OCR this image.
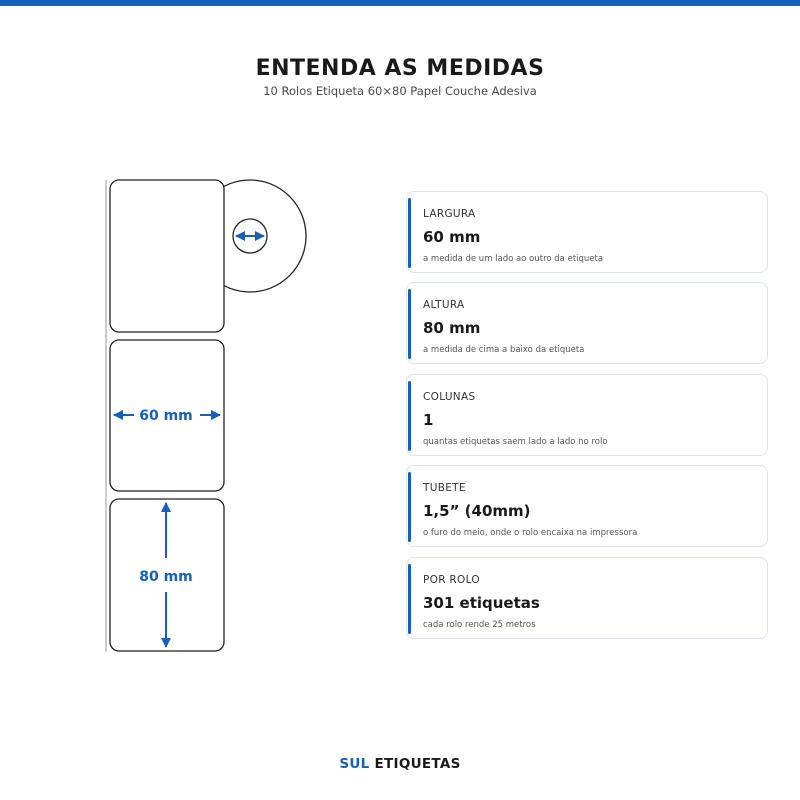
ENTENDA AS MEDIDAS
10 Rolos Etiqueta 60×80 Papel Couche Adesiva
60 mm
80 mm
LARGURA
60 mm
a medida de um lado ao outro da etiqueta
ALTURA
80 mm
a medida de cima a baixo da etiqueta
COLUNAS
1
quantas etiquetas saem lado a lado no rolo
TUBETE
1,5” (40mm)
o furo do meio, onde o rolo encaixa na impressora
POR ROLO
301 etiquetas
cada rolo rende 25 metros
SUL ETIQUETAS
